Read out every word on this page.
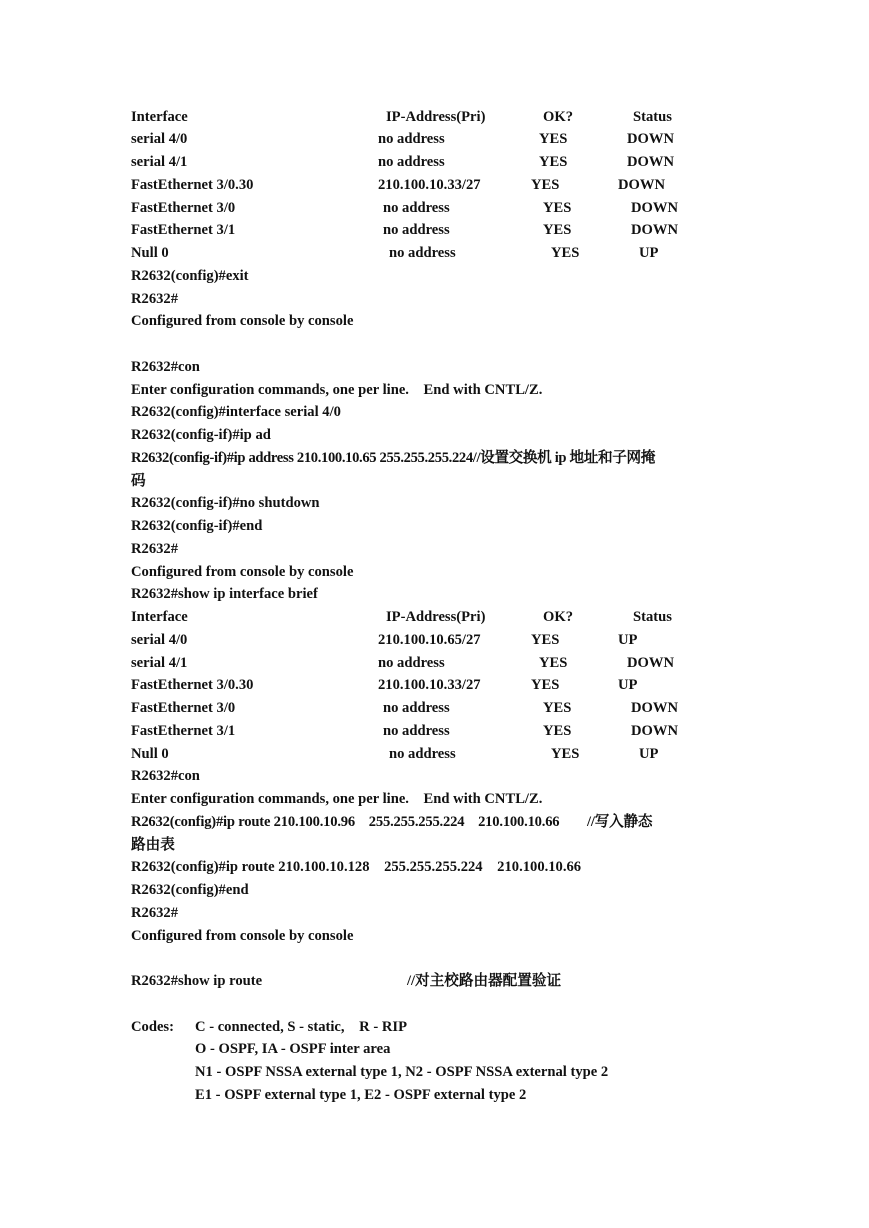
Interface	IP-Address(Pri)	OK?	Status
serial 4/0	no address	YES	DOWN
serial 4/1	no address	YES	DOWN
FastEthernet 3/0.30	210.100.10.33/27	YES	DOWN
FastEthernet 3/0	no address	YES	DOWN
FastEthernet 3/1	no address	YES	DOWN
Null 0	no address	YES	UP
R2632(config)#exit
R2632#
Configured from console by console
R2632#con
Enter configuration commands, one per line.    End with CNTL/Z.
R2632(config)#interface serial 4/0
R2632(config-if)#ip ad
R2632(config-if)#ip address 210.100.10.65 255.255.255.224//设置交换机 ip 地址和子网掩
码
R2632(config-if)#no shutdown
R2632(config-if)#end
R2632#
Configured from console by console
R2632#show ip interface brief
Interface	IP-Address(Pri)	OK?	Status
serial 4/0	210.100.10.65/27	YES	UP
serial 4/1	no address	YES	DOWN
FastEthernet 3/0.30	210.100.10.33/27	YES	UP
FastEthernet 3/0	no address	YES	DOWN
FastEthernet 3/1	no address	YES	DOWN
Null 0	no address	YES	UP
R2632#con
Enter configuration commands, one per line.    End with CNTL/Z.
R2632(config)#ip route 210.100.10.96    255.255.255.224    210.100.10.66        //写入静态
路由表
R2632(config)#ip route 210.100.10.128    255.255.255.224    210.100.10.66
R2632(config)#end
R2632#
Configured from console by console
R2632#show ip route	//对主校路由器配置验证
Codes: C - connected, S - static,    R - RIP
O - OSPF, IA - OSPF inter area
N1 - OSPF NSSA external type 1, N2 - OSPF NSSA external type 2
E1 - OSPF external type 1, E2 - OSPF external type 2
